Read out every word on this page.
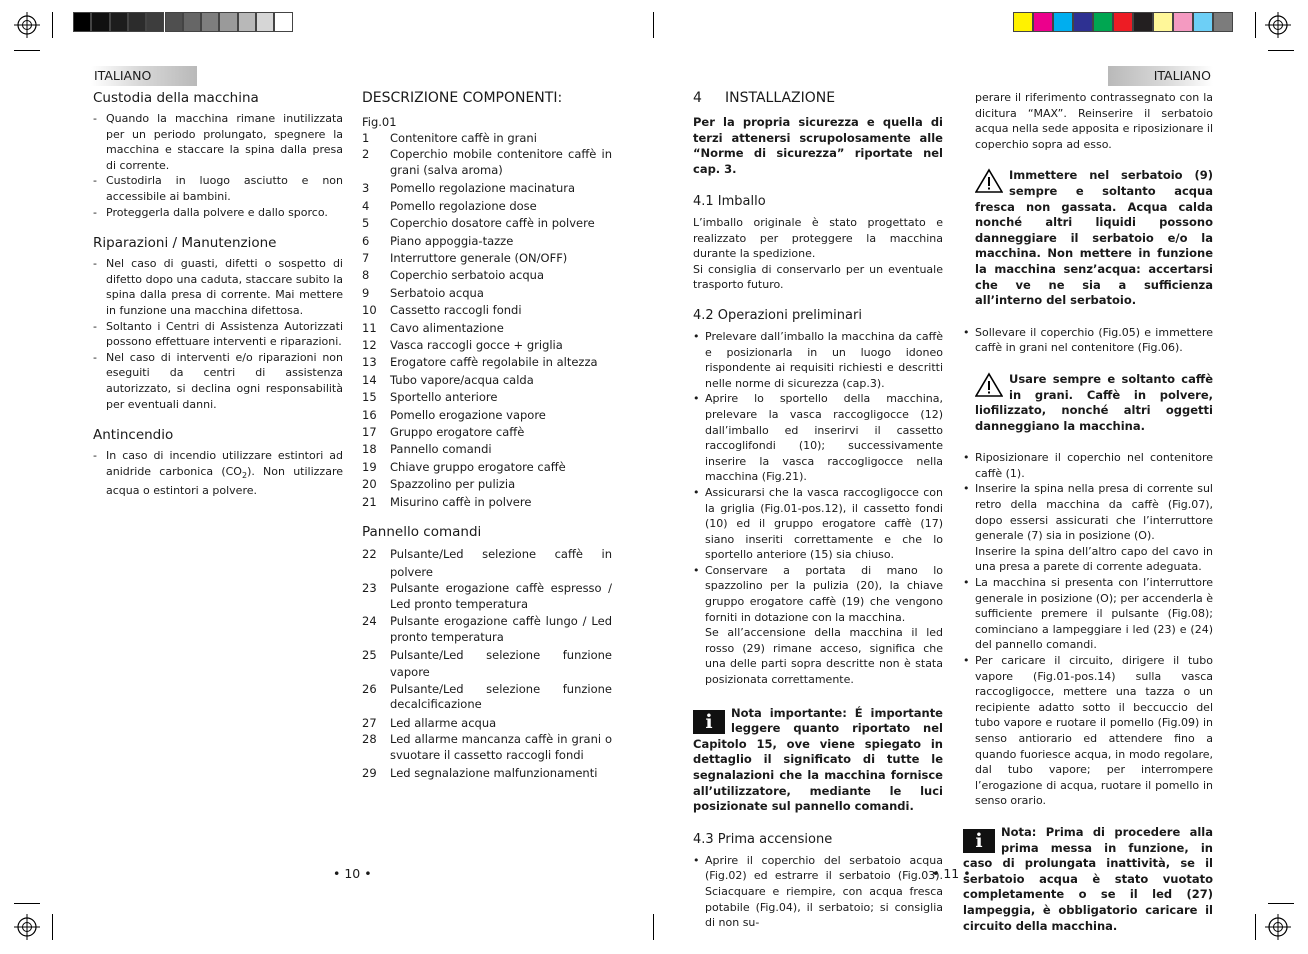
ITALIANO
Custodia della macchina
- Quando la macchina rimane inutilizzata per un periodo prolungato, spegnere la macchina e staccare la spina dalla presa di corrente.
- Custodirla in luogo asciutto e non accessibile ai bambini.
- Proteggerla dalla polvere e dallo sporco.
Riparazioni / Manutenzione
- Nel caso di guasti, difetti o sospetto di difetto dopo una caduta, staccare subito la spina dalla presa di corrente. Mai mettere in funzione una macchina difettosa.
- Soltanto i Centri di Assistenza Autorizzati possono effettuare interventi e riparazioni.
- Nel caso di interventi e/o riparazioni non eseguiti da centri di assistenza autorizzato, si declina ogni responsabilità per eventuali danni.
Antincendio
- In caso di incendio utilizzare estintori ad anidride carbonica $(CO_2)$. Non utilizzare acqua o estintori a polvere.
DESCRIZIONE COMPONENTI:
Fig.01
1	Contenitore caffè in grani
2	Coperchio mobile contenitore caffè in grani (salva aroma)
3	Pomello regolazione macinatura
4	Pomello regolazione dose
5	Coperchio dosatore caffè in polvere
6	Piano appoggia-tazze
7	Interruttore generale (ON/OFF)
8	Coperchio serbatoio acqua
9	Serbatoio acqua
10	Cassetto raccogli fondi
11	Cavo alimentazione
12	Vasca raccogli gocce + griglia
13	Erogatore caffè regolabile in altezza
14	Tubo vapore/acqua calda
15	Sportello anteriore
16	Pomello erogazione vapore
17	Gruppo erogatore caffè
18	Pannello comandi
19	Chiave gruppo erogatore caffè
20	Spazzolino per pulizia
21	Misurino caffè in polvere
Pannello comandi
22	Pulsante/Led selezione caffè in polvere
23	Pulsante erogazione caffè espresso / Led pronto temperatura
24	Pulsante erogazione caffè lungo / Led pronto temperatura
25	Pulsante/Led selezione funzione vapore
26	Pulsante/Led selezione funzione decalcificazione
27	Led allarme acqua
28	Led allarme mancanza caffè in grani o svuotare il cassetto raccogli fondi
29	Led segnalazione malfunzionamenti
• 10 •
ITALIANO
4 INSTALLAZIONE
Per la propria sicurezza e quella di terzi attenersi scrupolosamente alle “Norme di sicurezza” riportate nel cap. 3.
4.1 Imballo
L’imballo originale è stato progettato e realizzato per proteggere la macchina durante la spedizione.
Si consiglia di conservarlo per un eventuale trasporto futuro.
4.2 Operazioni preliminari
• Prelevare dall’imballo la macchina da caffè e posizionarla in un luogo idoneo rispondente ai requisiti richiesti e descritti nelle norme di sicurezza (cap.3).
• Aprire lo sportello della macchina, prelevare la vasca raccogligocce (12) dall’imballo ed inserirvi il cassetto raccoglifondi (10); successivamente inserire la vasca raccogligocce nella macchina (Fig.21).
• Assicurarsi che la vasca raccogligocce con la griglia (Fig.01-pos.12), il cassetto fondi (10) ed il gruppo erogatore caffè (17) siano inseriti correttamente e che lo sportello anteriore (15) sia chiuso.
• Conservare a portata di mano lo spazzolino per la pulizia (20), la chiave gruppo erogatore caffè (19) che vengono forniti in dotazione con la macchina.
Se all’accensione della macchina il led rosso (29) rimane acceso, significa che una delle parti sopra descritte non è stata posizionata correttamente.
i	Nota importante: É importante leggere quanto riportato nel Capitolo 15, ove viene spiegato in dettaglio il significato di tutte le segnalazioni che la macchina fornisce all’utilizzatore, mediante le luci posizionate sul pannello comandi.
4.3 Prima accensione
• Aprire il coperchio del serbatoio acqua (Fig.02) ed estrarre il serbatoio (Fig.03). Sciacquare e riempire, con acqua fresca potabile (Fig.04), il serbatoio; si consiglia di non su-
perare il riferimento contrassegnato con la dicitura “MAX”. Reinserire il serbatoio acqua nella sede apposita e riposizionare il coperchio sopra ad esso.
Immettere nel serbatoio (9) sempre e soltanto acqua fresca non gassata. Acqua calda nonché altri liquidi possono danneggiare il serbatoio e/o la macchina. Non mettere in funzione la macchina senz’acqua: accertarsi che ve ne sia a sufficienza all’interno del serbatoio.
• Sollevare il coperchio (Fig.05) e immettere caffè in grani nel contenitore (Fig.06).
Usare sempre e soltanto caffè in grani. Caffè in polvere, liofilizzato, nonché altri oggetti danneggiano la macchina.
• Riposizionare il coperchio nel contenitore caffè (1).
• Inserire la spina nella presa di corrente sul retro della macchina da caffè (Fig.07), dopo essersi assicurati che l’interruttore generale (7) sia in posizione (O).
Inserire la spina dell’altro capo del cavo in una presa a parete di corrente adeguata.
• La macchina si presenta con l’interruttore generale in posizione (O); per accenderla è sufficiente premere il pulsante (Fig.08); cominciano a lampeggiare i led (23) e (24) del pannello comandi.
• Per caricare il circuito, dirigere il tubo vapore (Fig.01-pos.14) sulla vasca raccogligocce, mettere una tazza o un recipiente adatto sotto il beccuccio del tubo vapore e ruotare il pomello (Fig.09) in senso antiorario ed attendere fino a quando fuoriesce acqua, in modo regolare, dal tubo vapore; per interrompere l’erogazione di acqua, ruotare il pomello in senso orario.
i	Nota: Prima di procedere alla prima messa in funzione, in caso di prolungata inattività, se il serbatoio acqua è stato vuotato completamente o se il led (27) lampeggia, è obbligatorio caricare il circuito della macchina.
• 11 •
